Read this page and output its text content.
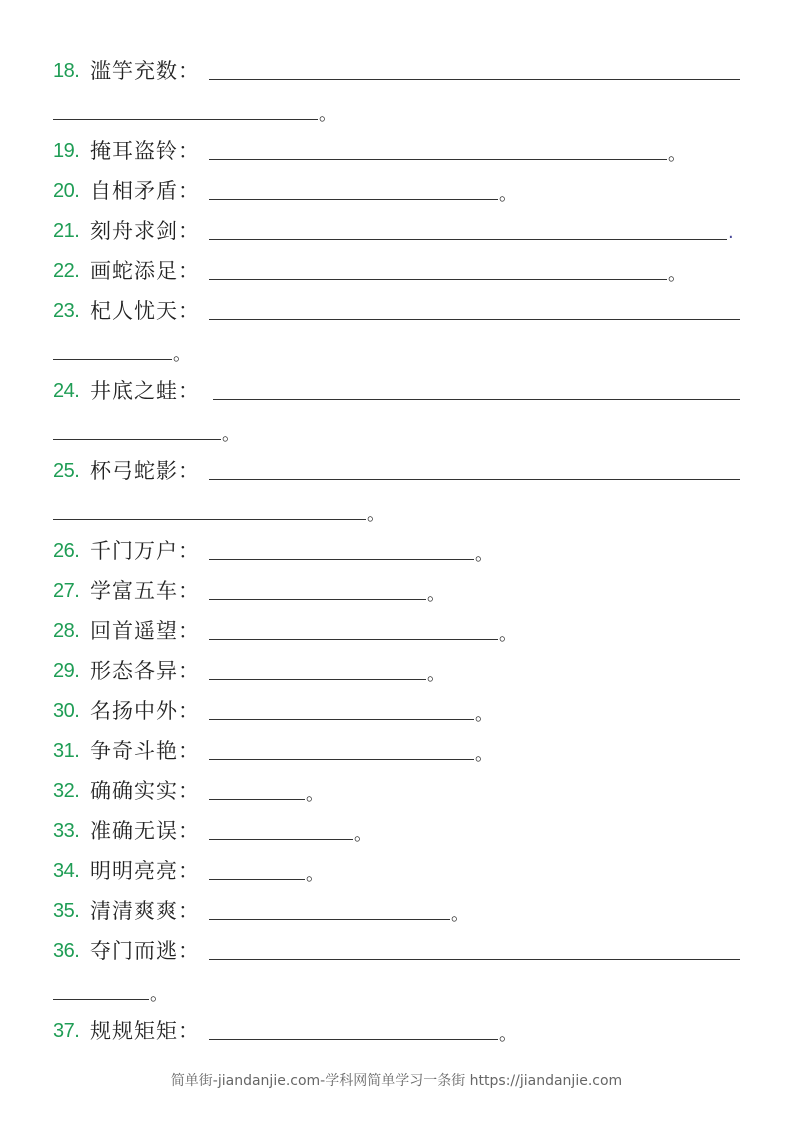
18. 滥竽充数：
。
19. 掩耳盗铃：	。
20. 自相矛盾：	。
21. 刻舟求剑：	.
22. 画蛇添足：	。
23. 杞人忧天：
。
24. 井底之蛙：
。
25. 杯弓蛇影：
。
26. 千门万户：	。
27. 学富五车：	。
28. 回首遥望：	。
29. 形态各异：	。
30. 名扬中外：	。
31. 争奇斗艳：	。
32. 确确实实：	。
33. 准确无误：	。
34. 明明亮亮：	。
35. 清清爽爽：	。
36. 夺门而逃：
。
37. 规规矩矩：	。
简单街-jiandanjie.com-学科网简单学习一条街 https://jiandanjie.com
